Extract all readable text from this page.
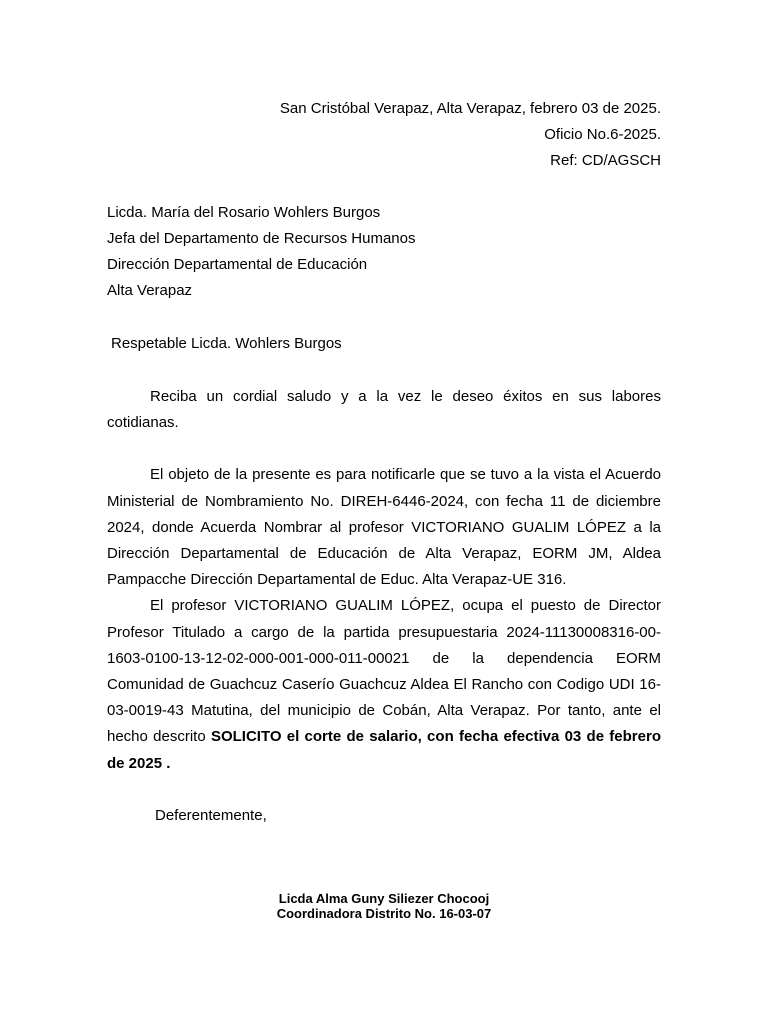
San Cristóbal Verapaz, Alta Verapaz, febrero 03 de 2025.
Oficio No.6-2025.
Ref: CD/AGSCH
Licda. María del Rosario Wohlers Burgos
Jefa del Departamento de Recursos Humanos
Dirección Departamental de Educación
Alta Verapaz
Respetable Licda. Wohlers Burgos

Reciba un cordial saludo y a la vez le deseo éxitos en sus labores cotidianas.

El objeto de la presente es para notificarle que se tuvo a la vista el Acuerdo Ministerial de Nombramiento No. DIREH-6446-2024, con fecha 11 de diciembre 2024, donde Acuerda Nombrar al profesor VICTORIANO GUALIM LÓPEZ a la Dirección Departamental de Educación de Alta Verapaz, EORM JM, Aldea Pampacche Dirección Departamental de Educ. Alta Verapaz-UE 316.

El profesor VICTORIANO GUALIM LÓPEZ, ocupa el puesto de Director Profesor Titulado a cargo de la partida presupuestaria 2024-11130008316-00-1603-0100-13-12-02-000-001-000-011-00021 de la dependencia EORM Comunidad de Guachcuz Caserío Guachcuz Aldea El Rancho con Codigo UDI 16-03-0019-43 Matutina, del municipio de Cobán, Alta Verapaz. Por tanto, ante el hecho descrito SOLICITO el corte de salario, con fecha efectiva 03 de febrero de 2025 .

Deferentemente,
Licda Alma Guny Siliezer Chocooj
Coordinadora Distrito No. 16-03-07
